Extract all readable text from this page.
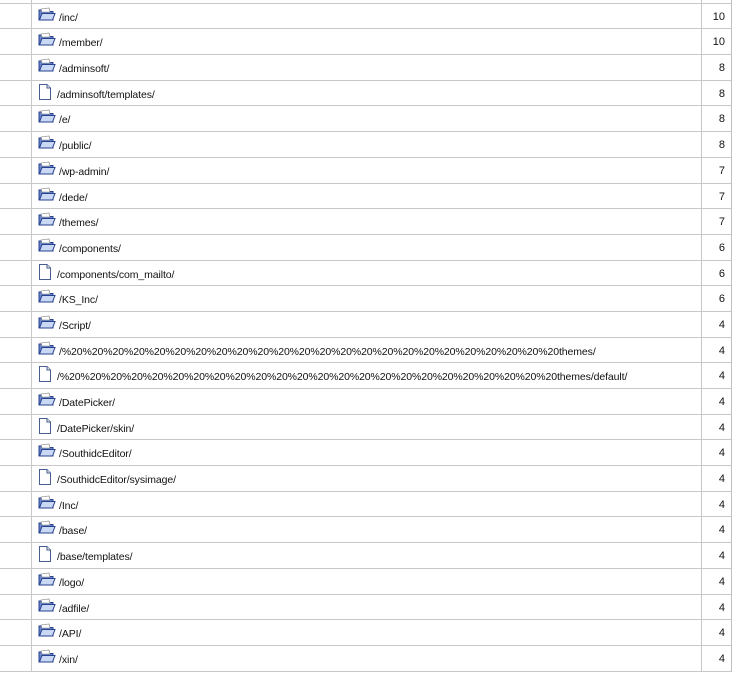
/inc/	10
/member/	10
/adminsoft/	8
/adminsoft/templates/	8
/e/	8
/public/	8
/wp-admin/	7
/dede/	7
/themes/	7
/components/	6
/components/com_mailto/	6
/KS_Inc/	6
/Script/	4
/%20%20%20%20%20%20%20%20%20%20%20%20%20%20%20%20%20%20%20%20%20%20%20%20themes/	4
/%20%20%20%20%20%20%20%20%20%20%20%20%20%20%20%20%20%20%20%20%20%20%20%20themes/default/	4
/DatePicker/	4
/DatePicker/skin/	4
/SouthidcEditor/	4
/SouthidcEditor/sysimage/	4
/Inc/	4
/base/	4
/base/templates/	4
/logo/	4
/adfile/	4
/API/	4
/xin/	4
